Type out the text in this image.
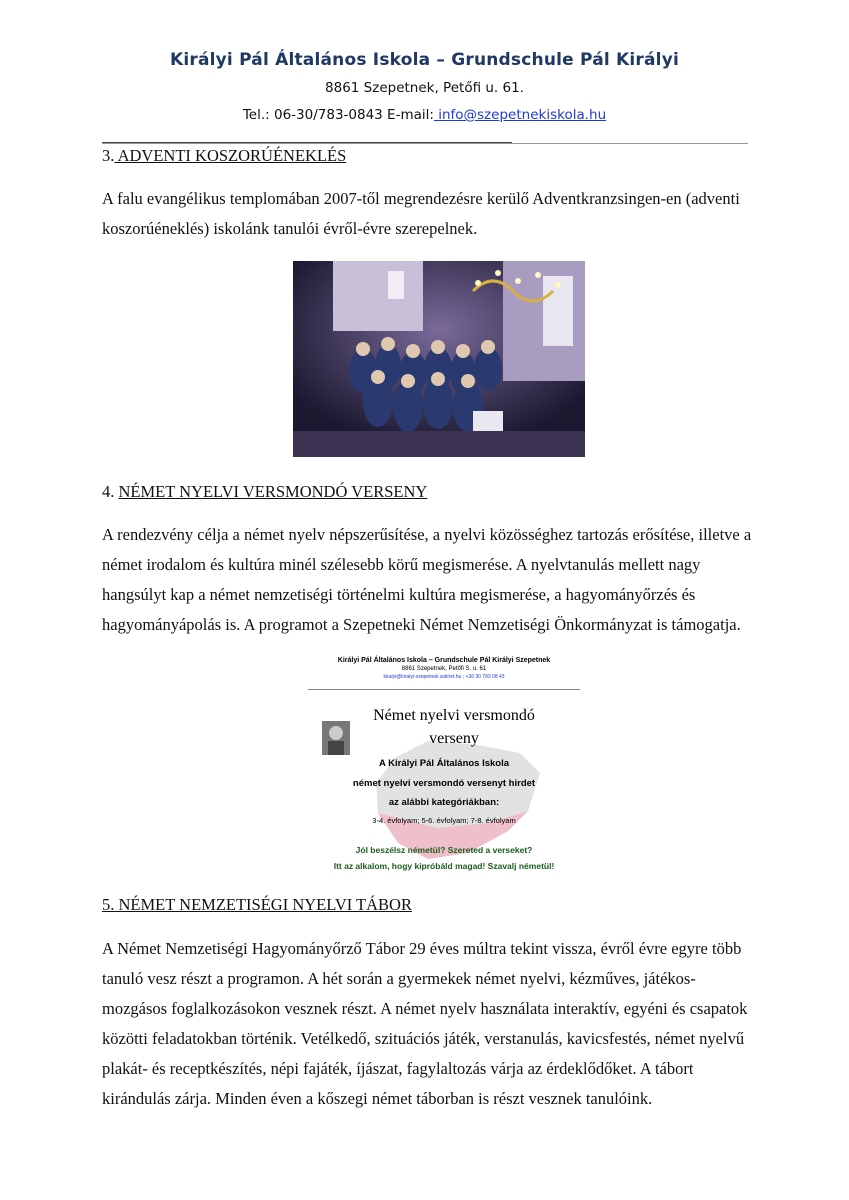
Királyi Pál Általános Iskola – Grundschule Pál Királyi
8861 Szepetnek, Petőfi u. 61.
Tel.: 06-30/783-0843 E-mail: info@szepetnekiskola.hu
3. ADVENTI KOSZORÚÉNEKLÉS
A falu evangélikus templomában 2007-től megrendezésre kerülő Adventkranzsingen-en (adventi
koszorúéneklés) iskolánk tanulói évről-évre szerepelnek.
4. NÉMET NYELVI VERSMONDÓ VERSENY
A rendezvény célja a német nyelv népszerűsítése, a nyelvi közösséghez tartozás erősítése, illetve a
német irodalom és kultúra minél szélesebb körű megismerése. A nyelvtanulás mellett nagy
hangsúlyt kap a német nemzetiségi történelmi kultúra megismerése, a hagyományőrzés és
hagyományápolás is. A programot a Szepetneki Német Nemzetiségi Önkormányzat is támogatja.
Királyi Pál Általános Iskola – Grundschule Pál Királyi Szepetnek
8861 Szepetnek, Petőfi S. u. 61
kiralyi@kiralyi-szepetnek.sulinet.hu ; +36 30 783 08 43
Német nyelvi versmondó
verseny
A Királyi Pál Általános Iskola
német nyelvi versmondó versenyt hirdet
az alábbi kategóriákban:
3-4. évfolyam; 5-6. évfolyam; 7-8. évfolyam
Jól beszélsz németül? Szereted a verseket?
Itt az alkalom, hogy kipróbáld magad! Szavalj németül!
5. NÉMET NEMZETISÉGI NYELVI TÁBOR
A Német Nemzetiségi Hagyományőrző Tábor 29 éves múltra tekint vissza, évről évre egyre több
tanuló vesz részt a programon. A hét során a gyermekek német nyelvi, kézműves, játékos-
mozgásos foglalkozásokon vesznek részt. A német nyelv használata interaktív, egyéni és csapatok
közötti feladatokban történik. Vetélkedő, szituációs játék, verstanulás, kavicsfestés, német nyelvű
plakát- és receptkészítés, népi fajáték, íjászat, fagylaltozás várja az érdeklődőket. A tábort
kirándulás zárja. Minden éven a kőszegi német táborban is részt vesznek tanulóink.
